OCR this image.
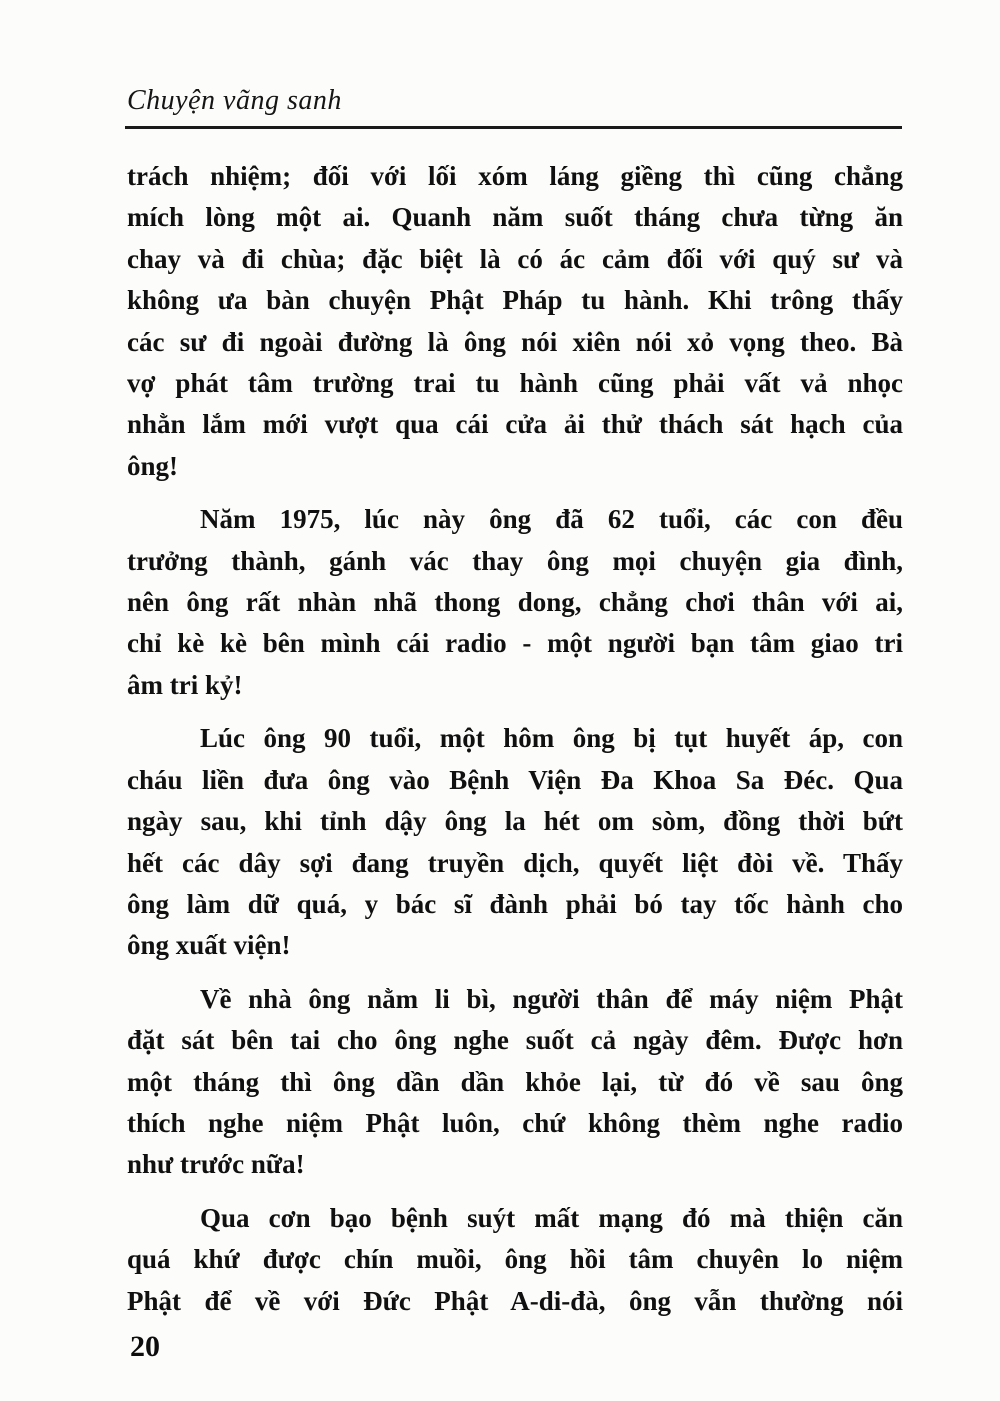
Chuyện vãng sanh
trách nhiệm; đối với lối xóm láng giềng thì cũng chẳng
mích lòng một ai. Quanh năm suốt tháng chưa từng ăn
chay và đi chùa; đặc biệt là có ác cảm đối với quý sư và
không ưa bàn chuyện Phật Pháp tu hành. Khi trông thấy
các sư đi ngoài đường là ông nói xiên nói xỏ vọng theo. Bà
vợ phát tâm trường trai tu hành cũng phải vất vả nhọc
nhằn lắm mới vượt qua cái cửa ải thử thách sát hạch của
ông!
Năm 1975, lúc này ông đã 62 tuổi, các con đều
trưởng thành, gánh vác thay ông mọi chuyện gia đình,
nên ông rất nhàn nhã thong dong, chẳng chơi thân với ai,
chỉ kè kè bên mình cái radio - một người bạn tâm giao tri
âm tri kỷ!
Lúc ông 90 tuổi, một hôm ông bị tụt huyết áp, con
cháu liền đưa ông vào Bệnh Viện Đa Khoa Sa Đéc. Qua
ngày sau, khi tỉnh dậy ông la hét om sòm, đồng thời bứt
hết các dây sợi đang truyền dịch, quyết liệt đòi về. Thấy
ông làm dữ quá, y bác sĩ đành phải bó tay tốc hành cho
ông xuất viện!
Về nhà ông nằm li bì, người thân để máy niệm Phật
đặt sát bên tai cho ông nghe suốt cả ngày đêm. Được hơn
một tháng thì ông dần dần khỏe lại, từ đó về sau ông
thích nghe niệm Phật luôn, chứ không thèm nghe radio
như trước nữa!
Qua cơn bạo bệnh suýt mất mạng đó mà thiện căn
quá khứ được chín muồi, ông hồi tâm chuyên lo niệm
Phật để về với Đức Phật A-di-đà, ông vẫn thường nói
20
